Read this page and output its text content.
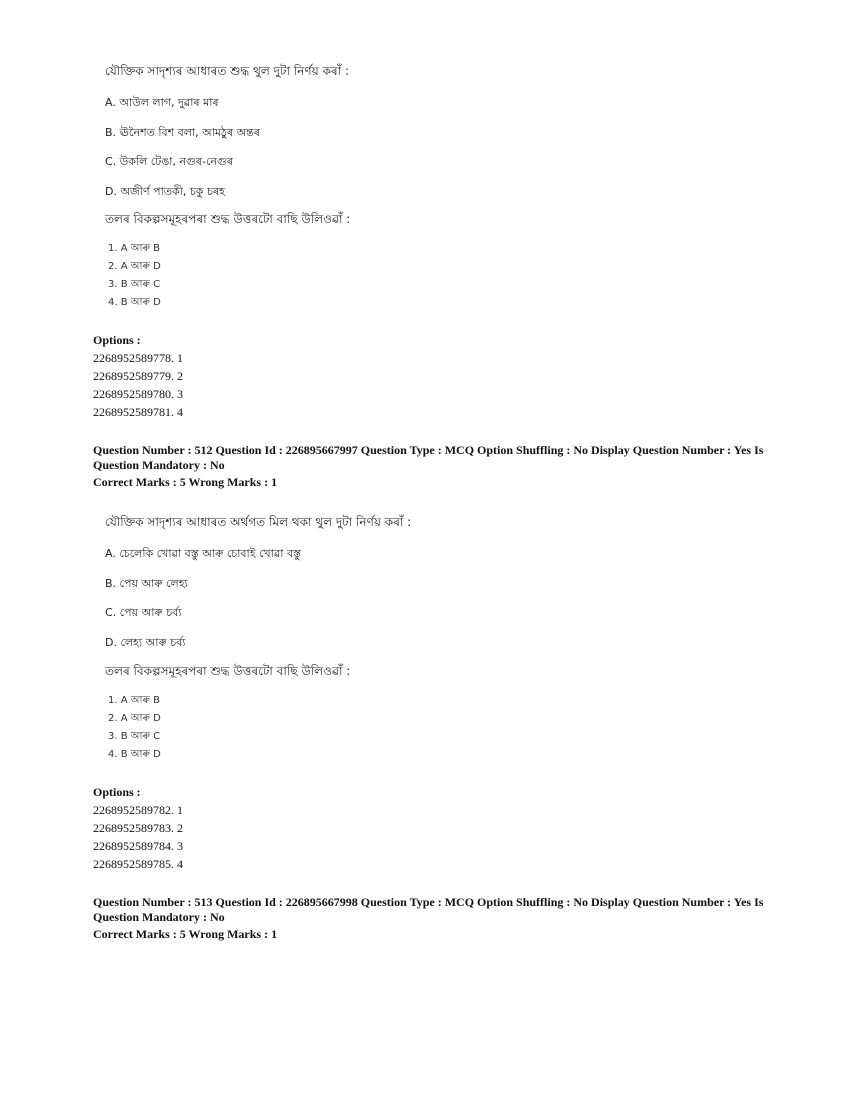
যৌক্তিক সাদৃশ্যৰ আধাৰত শুদ্ধ থুল দুটা নিৰ্ণয় কৰাঁ :
A. আউল লাগ, দুৱাৰ মাৰ
B. ঊনৈশত বিশ বলা, আমঠুৰ অন্তৰ
C. উকলি টেঙা, নগুৰ-নেগুৰ
D. অজীৰ্ণ পাতকী, চকু চৰহ
তলৰ বিকল্পসমূহৰপৰা শুদ্ধ উত্তৰটো বাছি উলিওৱাঁ :
1. A আৰু B
2. A আৰু D
3. B আৰু C
4. B আৰু D
Options :
2268952589778. 1
2268952589779. 2
2268952589780. 3
2268952589781. 4
Question Number : 512 Question Id : 226895667997 Question Type : MCQ Option Shuffling : No Display Question Number : Yes Is
Question Mandatory : No
Correct Marks : 5 Wrong Marks : 1
যৌক্তিক সাদৃশ্যৰ আধাৰত অৰ্থগত মিল থকা থুল দুটা নিৰ্ণয় কৰাঁ :
A. চেলেকি খোৱা বস্তু আৰু চোবাই খোৱা বস্তু
B. পেয় আৰু লেহ্য
C. পেয় আৰু চৰ্ব্য
D. লেহ্য আৰু চৰ্ব্য
তলৰ বিকল্পসমূহৰপৰা শুদ্ধ উত্তৰটো বাছি উলিওৱাঁ :
1. A আৰু B
2. A আৰু D
3. B আৰু C
4. B আৰু D
Options :
2268952589782. 1
2268952589783. 2
2268952589784. 3
2268952589785. 4
Question Number : 513 Question Id : 226895667998 Question Type : MCQ Option Shuffling : No Display Question Number : Yes Is
Question Mandatory : No
Correct Marks : 5 Wrong Marks : 1
